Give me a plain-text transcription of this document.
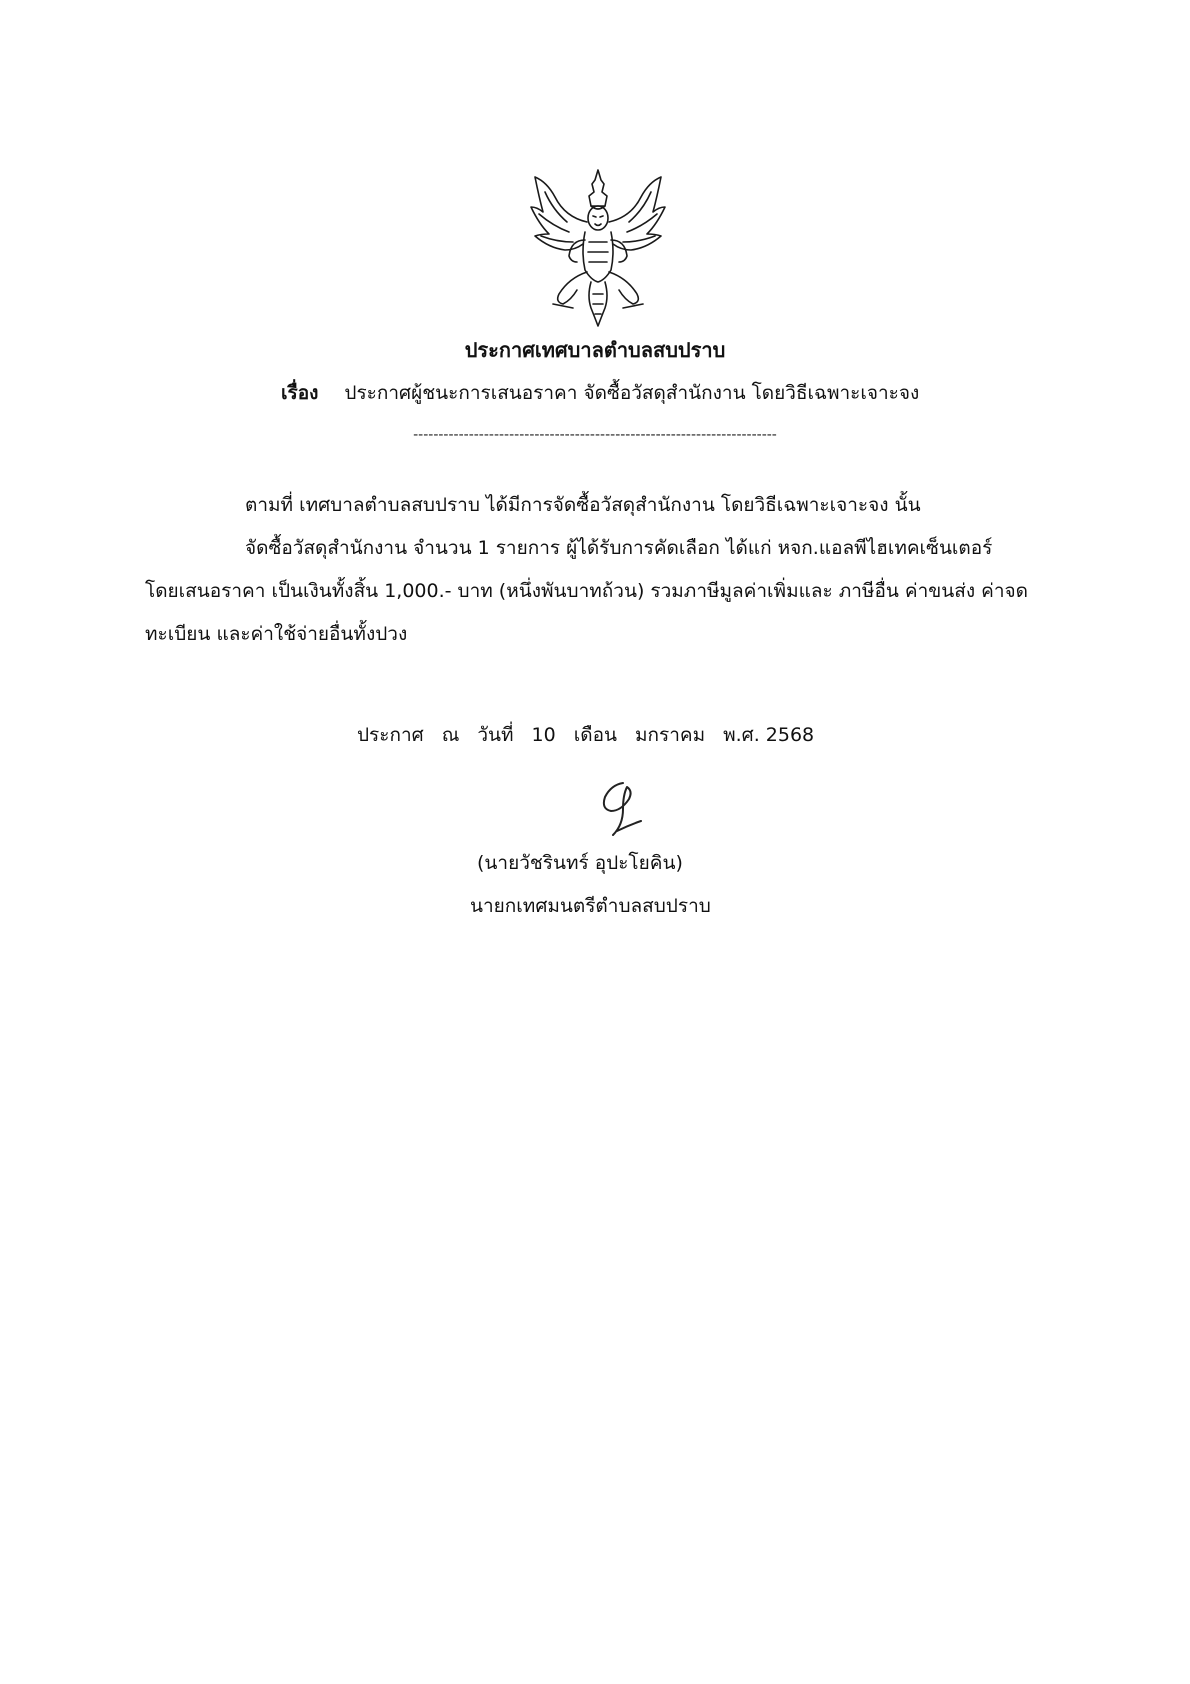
ประกาศเทศบาลตำบลสบปราบ
เรื่อง ประกาศผู้ชนะการเสนอราคา จัดซื้อวัสดุสำนักงาน โดยวิธีเฉพาะเจาะจง
------------------------------------------------------------------------
ตามที่ เทศบาลตำบลสบปราบ ได้มีการจัดซื้อวัสดุสำนักงาน โดยวิธีเฉพาะเจาะจง นั้น
จัดซื้อวัสดุสำนักงาน จำนวน 1 รายการ ผู้ได้รับการคัดเลือก ได้แก่ หจก.แอลพีไฮเทคเซ็นเตอร์
โดยเสนอราคา เป็นเงินทั้งสิ้น 1,000.- บาท (หนึ่งพันบาทถ้วน) รวมภาษีมูลค่าเพิ่มและ ภาษีอื่น ค่าขนส่ง ค่าจด
ทะเบียน และค่าใช้จ่ายอื่นทั้งปวง
ประกาศ ณ วันที่ 10 เดือน มกราคม พ.ศ. 2568
(นายวัชรินทร์ อุปะโยคิน)
นายกเทศมนตรีตำบลสบปราบ
